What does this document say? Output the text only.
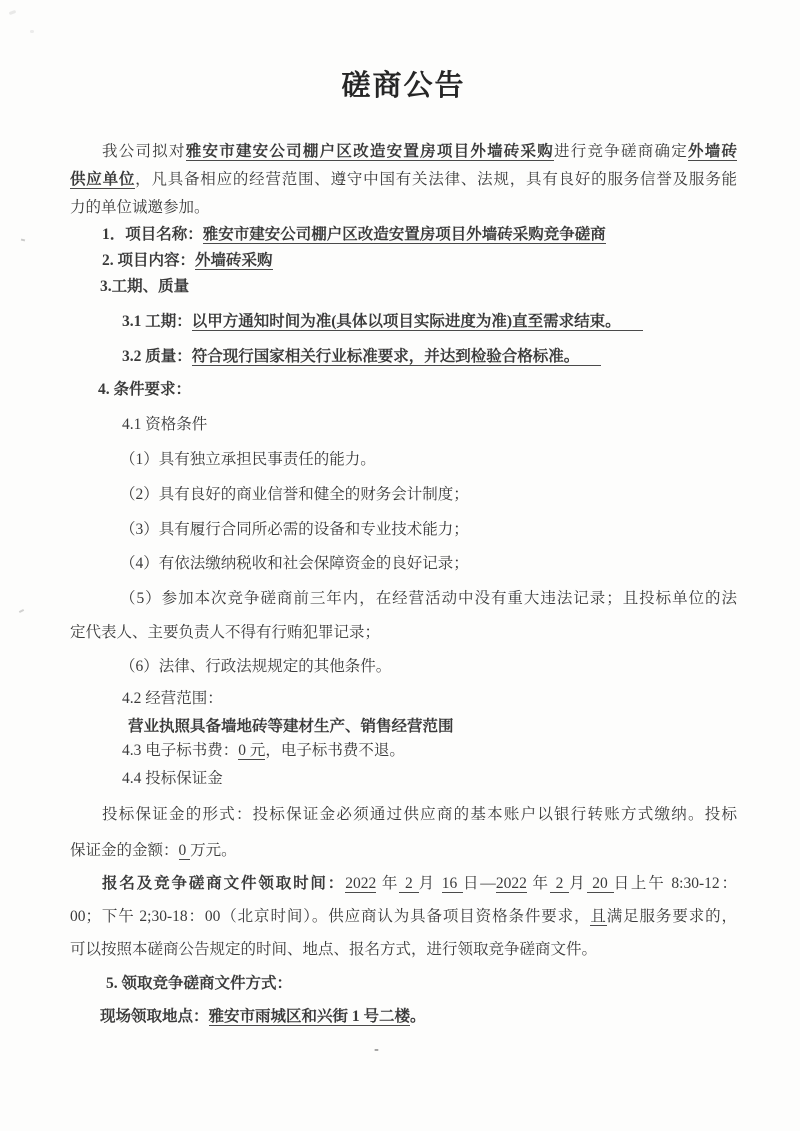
磋商公告

我公司拟对雅安市建安公司棚户区改造安置房项目外墙砖采购进行竞争磋商确定外墙砖

供应单位，凡具备相应的经营范围、遵守中国有关法律、法规，具有良好的服务信誉及服务能

力的单位诚邀参加。

1．项目名称：雅安市建安公司棚户区改造安置房项目外墙砖采购竞争磋商

2. 项目内容：外墙砖采购

3.工期、质量

3.1 工期：以甲方通知时间为准(具体以项目实际进度为准)直至需求结束。

3.2 质量：符合现行国家相关行业标准要求，并达到检验合格标准。

4. 条件要求：

4.1 资格条件

（1）具有独立承担民事责任的能力。

（2）具有良好的商业信誉和健全的财务会计制度；

（3）具有履行合同所必需的设备和专业技术能力；

（4）有依法缴纳税收和社会保障资金的良好记录；

（5）参加本次竞争磋商前三年内，在经营活动中没有重大违法记录；且投标单位的法

定代表人、主要负责人不得有行贿犯罪记录；

（6）法律、行政法规规定的其他条件。

4.2 经营范围：

营业执照具备墙地砖等建材生产、销售经营范围

4.3 电子标书费：0 元，电子标书费不退。

4.4 投标保证金

投标保证金的形式：投标保证金必须通过供应商的基本账户以银行转账方式缴纳。投标

保证金的金额：0 万元。

报名及竞争磋商文件领取时间：2022 年 2 月 16 日—2022 年 2 月 20 日上午 8:30-12：

00；下午 2;30-18：00（北京时间）。供应商认为具备项目资格条件要求，且满足服务要求的，

可以按照本磋商公告规定的时间、地点、报名方式，进行领取竞争磋商文件。

5. 领取竞争磋商文件方式：

现场领取地点：雅安市雨城区和兴街 1 号二楼。

-
